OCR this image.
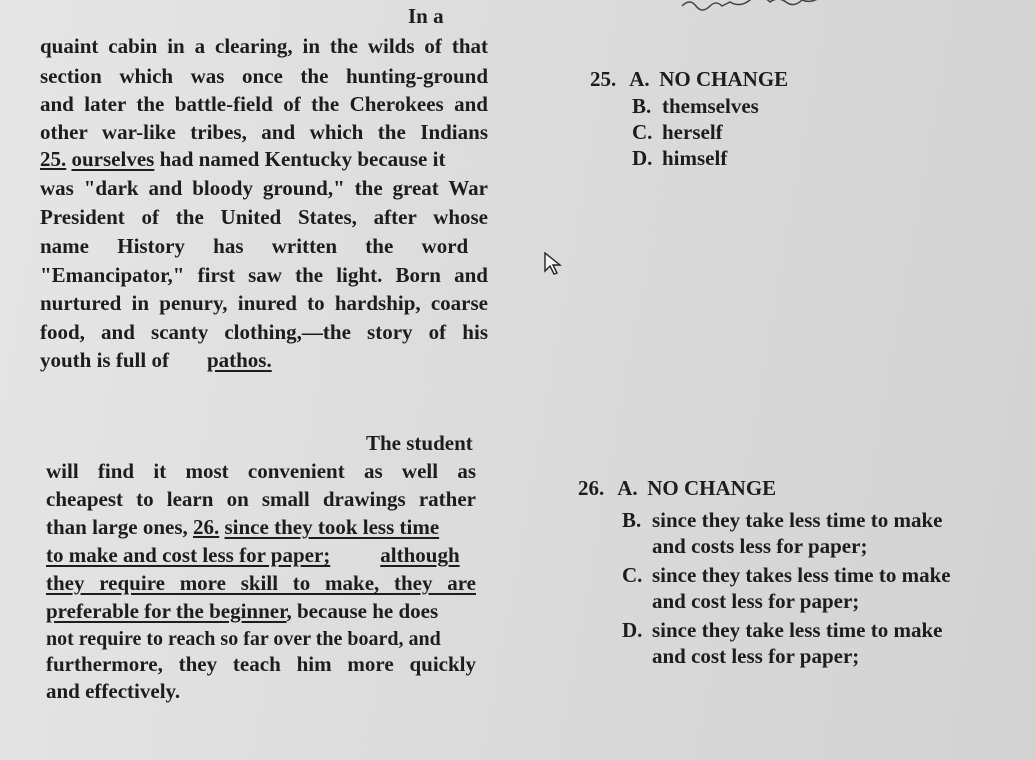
In a
quaint cabin in a clearing, in the wilds of that
section which was once the hunting-ground
and later the battle-field of the Cherokees and
other war-like tribes, and which the Indians
25. ourselves had named Kentucky because it
was "dark and bloody ground," the great War
President of the United States, after whose
name History has written the word
"Emancipator," first saw the light. Born and
nurtured in penury, inured to hardship, coarse
food, and scanty clothing,—the story of his
youth is full of pathos.
The student
will find it most convenient as well as
cheapest to learn on small drawings rather
than large ones, 26. since they took less time
to make and cost less for paper; although
they require more skill to make, they are
preferable for the beginner, because he does
not require to reach so far over the board, and
furthermore, they teach him more quickly
and effectively.
25. A. NO CHANGE
B. themselves
C. herself
D. himself
26. A. NO CHANGE
B. since they take less time to make
and costs less for paper;
C. since they takes less time to make
and cost less for paper;
D. since they take less time to make
and cost less for paper;
